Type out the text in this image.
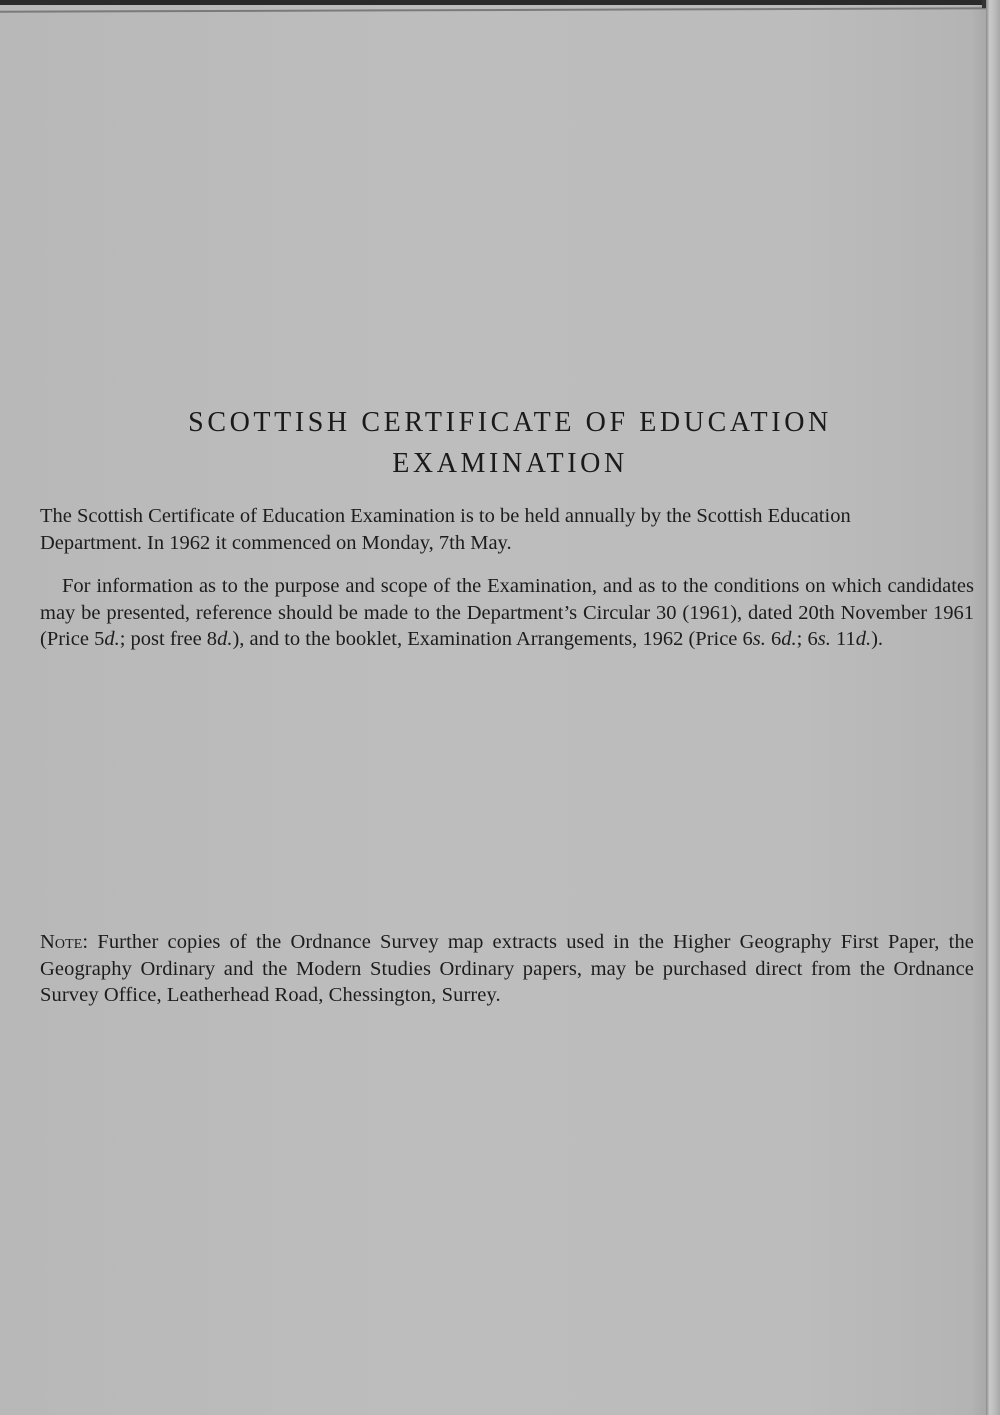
SCOTTISH CERTIFICATE OF EDUCATION
EXAMINATION
The Scottish Certificate of Education Examination is to be held annually by the Scottish Education
Department. In 1962 it commenced on Monday, 7th May.
For information as to the purpose and scope of the Examination, and as to the conditions on which candidates may be presented, reference should be made to the Department’s Circular 30 (1961), dated 20th November 1961 (Price 5d.; post free 8d.), and to the booklet, Examination Arrangements, 1962 (Price 6s. 6d.; 6s. 11d.).
Note: Further copies of the Ordnance Survey map extracts used in the Higher Geography First Paper, the Geography Ordinary and the Modern Studies Ordinary papers, may be purchased direct from the Ordnance Survey Office, Leatherhead Road, Chessington, Surrey.
